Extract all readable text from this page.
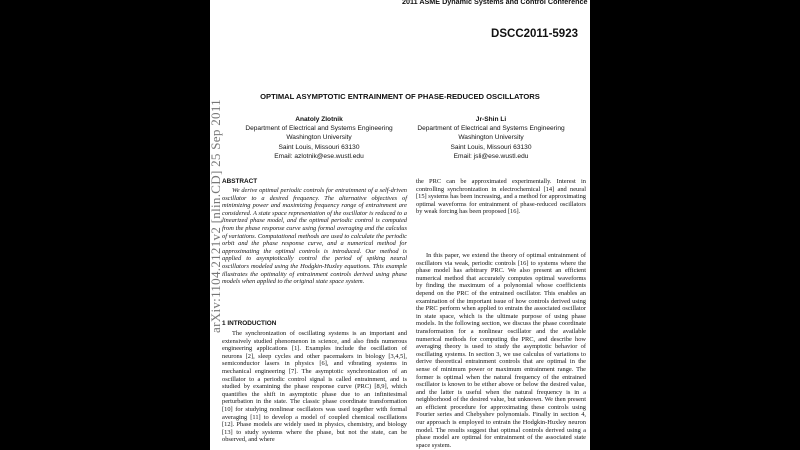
2011 ASME Dynamic Systems and Control Conference
DSCC2011-5923
arXiv:1104.2121v2 [nlin.CD] 25 Sep 2011
OPTIMAL ASYMPTOTIC ENTRAINMENT OF PHASE-REDUCED OSCILLATORS
Anatoly Zlotnik
Department of Electrical and Systems Engineering
Washington University
Saint Louis, Missouri 63130
Email: azlotnik@ese.wustl.edu
Jr-Shin Li
Department of Electrical and Systems Engineering
Washington University
Saint Louis, Missouri 63130
Email: jsli@ese.wustl.edu
ABSTRACT

We derive optimal periodic controls for entrainment of a self-driven oscillator to a desired frequency. The alternative objectives of minimizing power and maximizing frequency range of entrainment are considered. A state space representation of the oscillator is reduced to a linearized phase model, and the optimal periodic control is computed from the phase response curve using formal averaging and the calculus of variations. Computational methods are used to calculate the periodic orbit and the phase response curve, and a numerical method for approximating the optimal controls is introduced. Our method is applied to asymptotically control the period of spiking neural oscillators modeled using the Hodgkin-Huxley equations. This example illustrates the optimality of entrainment controls derived using phase models when applied to the original state space system.

1 INTRODUCTION

The synchronization of oscillating systems is an important and extensively studied phenomenon in science, and also finds numerous engineering applications [1]. Examples include the oscillation of neurons [2], sleep cycles and other pacemakers in biology [3,4,5], semiconductor lasers in physics [6], and vibrating systems in mechanical engineering [7]. The asymptotic synchronization of an oscillator to a periodic control signal is called entrainment, and is studied by examining the phase response curve (PRC) [8,9], which quantifies the shift in asymptotic phase due to an infinitesimal perturbation in the state. The classic phase coordinate transformation [10] for studying nonlinear oscillators was used together with formal averaging [11] to develop a model of coupled chemical oscillations [12]. Phase models are widely used in physics, chemistry, and biology [13] to study systems where the phase, but not the state, can be observed, and where

the PRC can be approximated experimentally. Interest in controlling synchronization in electrochemical [14] and neural [15] systems has been increasing, and a method for approximating optimal waveforms for entrainment of phase-reduced oscillators by weak forcing has been proposed [16].
In this paper, we extend the theory of optimal entrainment of oscillators via weak, periodic controls [16] to systems where the phase model has arbitrary PRC. We also present an efficient numerical method that accurately computes optimal waveforms by finding the maximum of a polynomial whose coefficients depend on the PRC of the entrained oscillator. This enables an examination of the important issue of how controls derived using the PRC perform when applied to entrain the associated oscillator in state space, which is the ultimate purpose of using phase models. In the following section, we discuss the phase coordinate transformation for a nonlinear oscillator and the available numerical methods for computing the PRC, and describe how averaging theory is used to study the asymptotic behavior of oscillating systems. In section 3, we use calculus of variations to derive theoretical entrainment controls that are optimal in the sense of minimum power or maximum entrainment range. The former is optimal when the natural frequency of the entrained oscillator is known to be either above or below the desired value, and the latter is useful when the natural frequency is in a neighborhood of the desired value, but unknown. We then present an efficient procedure for approximating these controls using Fourier series and Chebyshev polynomials. Finally in section 4, our approach is employed to entrain the Hodgkin-Huxley neuron model. The results suggest that optimal controls derived using a phase model are optimal for entrainment of the associated state space system.
